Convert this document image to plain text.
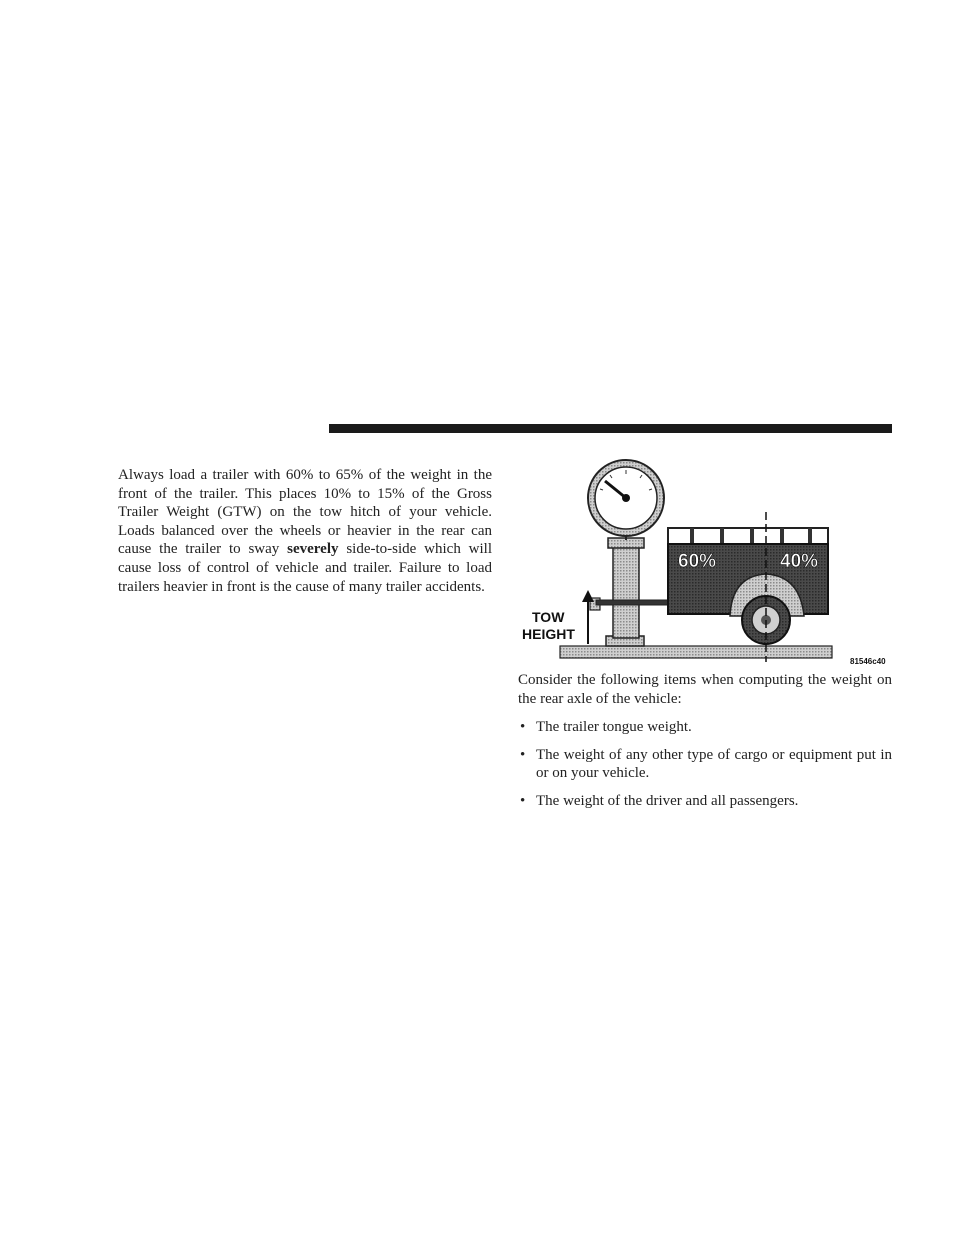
Always load a trailer with 60% to 65% of the weight in the front of the trailer. This places 10% to 15% of the Gross Trailer Weight (GTW) on the tow hitch of your vehicle. Loads balanced over the wheels or heavier in the rear can cause the trailer to sway severely side-to-side which will cause loss of control of vehicle and trailer. Failure to load trailers heavier in front is the cause of many trailer accidents.

60%	40%
TOW
HEIGHT
81546c40

Consider the following items when computing the weight on the rear axle of the vehicle:

• The trailer tongue weight.
• The weight of any other type of cargo or equipment put in or on your vehicle.
• The weight of the driver and all passengers.
